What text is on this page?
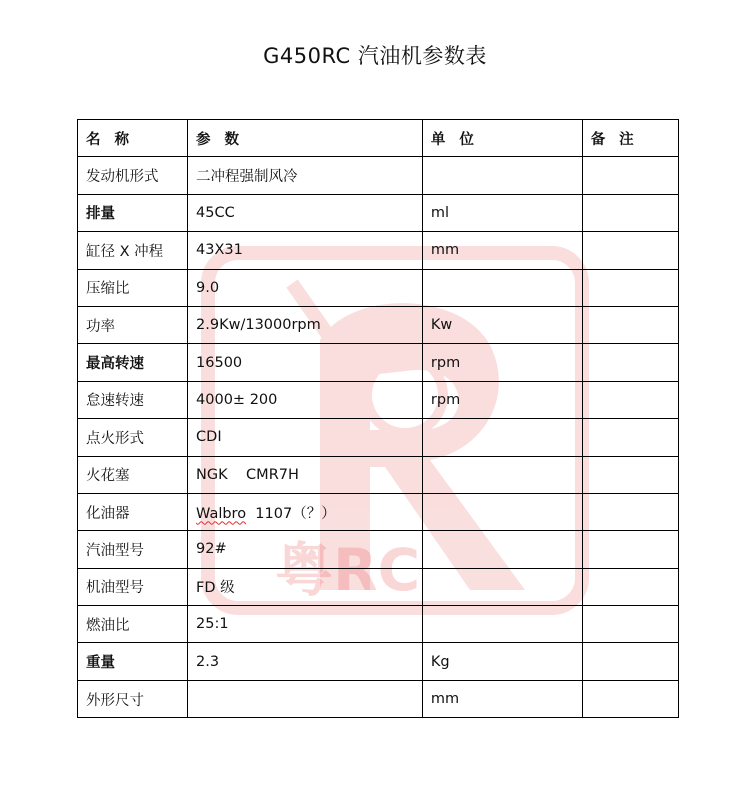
G450RC 汽油机参数表
粤RC
名称	参数	单位	备注
发动机形式	二冲程强制风冷		
排量	45CC	ml	
缸径 X 冲程	43X31	mm	
压缩比	9.0		
功率	2.9Kw/13000rpm	Kw	
最高转速	16500	rpm	
怠速转速	4000± 200	rpm	
点火形式	CDI		
火花塞	NGK    CMR7H		
化油器	Walbro  1107（？）		
汽油型号	92#		
机油型号	FD 级		
燃油比	25:1		
重量	2.3	Kg	
外形尺寸		mm	
